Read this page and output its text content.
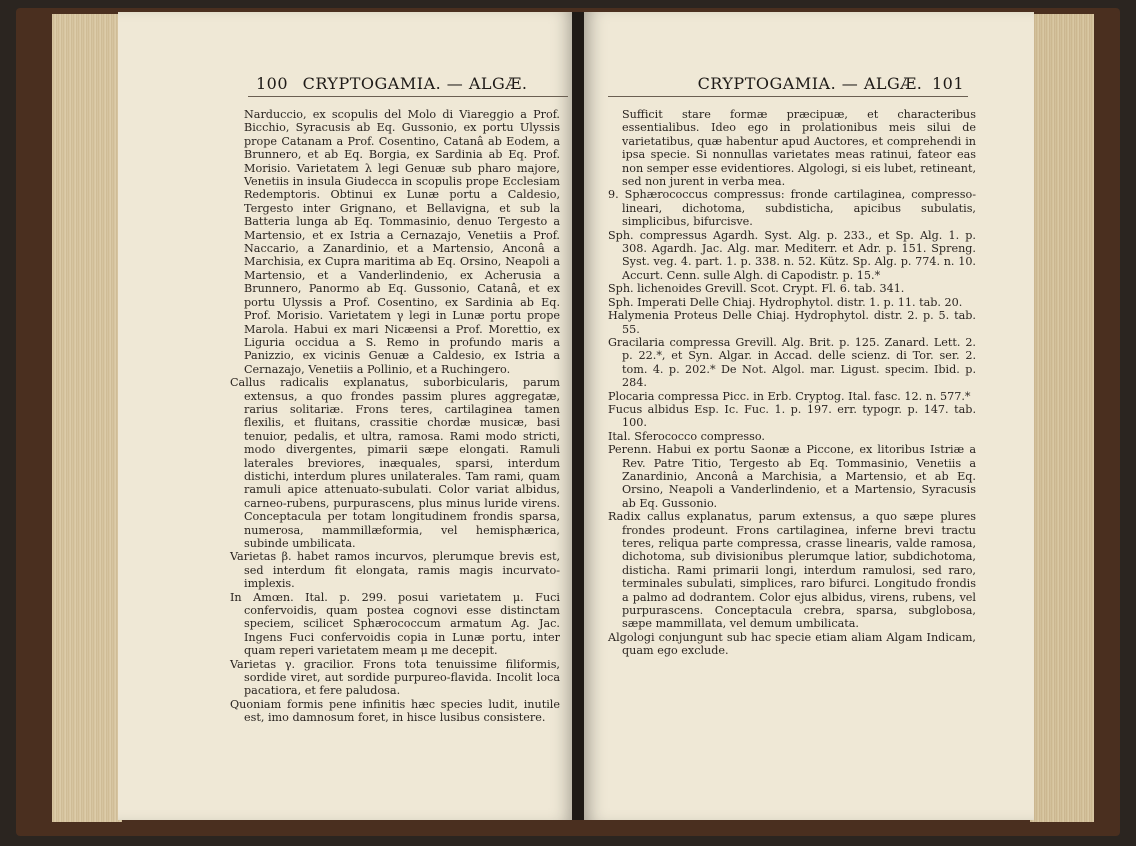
100 CRYPTOGAMIA. — ALGÆ.

Narduccio, ex scopulis del Molo di Viareggio a Prof. Bicchio, Syracusis ab Eq. Gussonio, ex portu Ulyssis prope Catanam a Prof. Cosentino, Catanâ ab Eodem, a Brunnero, et ab Eq. Borgia, ex Sardinia ab Eq. Prof. Morisio. Varietatem λ legi Genuæ sub pharo majore, Venetiis in insula Giudecca in scopulis prope Ecclesiam Redemptoris. Obtinui ex Lunæ portu a Caldesio, Tergesto inter Grignano, et Bellavigna, et sub la Batteria lunga ab Eq. Tommasinio, denuo Tergesto a Martensio, et ex Istria a Cernazajo, Venetiis a Prof. Naccario, a Zanardinio, et a Martensio, Anconâ a Marchisia, ex Cupra maritima ab Eq. Orsino, Neapoli a Martensio, et a Vanderlindenio, ex Acherusia a Brunnero, Panormo ab Eq. Gussonio, Catanâ, et ex portu Ulyssis a Prof. Cosentino, ex Sardinia ab Eq. Prof. Morisio. Varietatem γ legi in Lunæ portu prope Marola. Habui ex mari Nicæensi a Prof. Morettio, ex Liguria occidua a S. Remo in profundo maris a Panizzio, ex vicinis Genuæ a Caldesio, ex Istria a Cernazajo, Venetiis a Pollinio, et a Ruchingero.

Callus radicalis explanatus, suborbicularis, parum extensus, a quo frondes passim plures aggregatæ, rarius solitariæ. Frons teres, cartilaginea tamen flexilis, et fluitans, crassitie chordæ musicæ, basi tenuior, pedalis, et ultra, ramosa. Rami modo stricti, modo divergentes, pimarii sæpe elongati. Ramuli laterales breviores, inæquales, sparsi, interdum distichi, interdum plures unilaterales. Tam rami, quam ramuli apice attenuato-subulati. Color variat albidus, carneo-rubens, purpurascens, plus minus luride virens. Conceptacula per totam longitudinem frondis sparsa, numerosa, mammillæformia, vel hemisphærica, subinde umbilicata.

Varietas β. habet ramos incurvos, plerumque brevis est, sed interdum fit elongata, ramis magis incurvato-implexis.

In Amœn. Ital. p. 299. posui varietatem μ. Fuci confervoidis, quam postea cognovi esse distinctam speciem, scilicet Sphærococcum armatum Ag. Jac. Ingens Fuci confervoidis copia in Lunæ portu, inter quam reperi varietatem meam μ me decepit.

Varietas γ. gracilior. Frons tota tenuissime filiformis, sordide viret, aut sordide purpureo-flavida. Incolit loca pacatiora, et fere paludosa.

Quoniam formis pene infinitis hæc species ludit, inutile est, imo damnosum foret, in hisce lusibus consistere.

CRYPTOGAMIA. — ALGÆ. 101

Sufficit stare formæ præcipuæ, et characteribus essentialibus. Ideo ego in prolationibus meis silui de varietatibus, quæ habentur apud Auctores, et comprehendi in ipsa specie. Si nonnullas varietates meas ratinui, fateor eas non semper esse evidentiores. Algologi, si eis lubet, retineant, sed non jurent in verba mea.

9. Sphærococcus compressus: fronde cartilaginea, compresso-lineari, dichotoma, subdisticha, apicibus subulatis, simplicibus, bifurcisve.

Sph. compressus Agardh. Syst. Alg. p. 233., et Sp. Alg. 1. p. 308. Agardh. Jac. Alg. mar. Mediterr. et Adr. p. 151. Spreng. Syst. veg. 4. part. 1. p. 338. n. 52. Kütz. Sp. Alg. p. 774. n. 10. Accurt. Cenn. sulle Algh. di Capodistr. p. 15.*

Sph. lichenoides Grevill. Scot. Crypt. Fl. 6. tab. 341.

Sph. Imperati Delle Chiaj. Hydrophytol. distr. 1. p. 11. tab. 20.

Halymenia Proteus Delle Chiaj. Hydrophytol. distr. 2. p. 5. tab. 55.

Gracilaria compressa Grevill. Alg. Brit. p. 125. Zanard. Lett. 2. p. 22.*, et Syn. Algar. in Accad. delle scienz. di Tor. ser. 2. tom. 4. p. 202.* De Not. Algol. mar. Ligust. specim. Ibid. p. 284.

Plocaria compressa Picc. in Erb. Cryptog. Ital. fasc. 12. n. 577.*

Fucus albidus Esp. Ic. Fuc. 1. p. 197. err. typogr. p. 147. tab. 100.

Ital. Sferococco compresso.

Perenn. Habui ex portu Saonæ a Piccone, ex litoribus Istriæ a Rev. Patre Titio, Tergesto ab Eq. Tommasinio, Venetiis a Zanardinio, Anconâ a Marchisia, a Martensio, et ab Eq. Orsino, Neapoli a Vanderlindenio, et a Martensio, Syracusis ab Eq. Gussonio.

Radix callus explanatus, parum extensus, a quo sæpe plures frondes prodeunt. Frons cartilaginea, inferne brevi tractu teres, reliqua parte compressa, crasse linearis, valde ramosa, dichotoma, sub divisionibus plerumque latior, subdichotoma, disticha. Rami primarii longi, interdum ramulosi, sed raro, terminales subulati, simplices, raro bifurci. Longitudo frondis a palmo ad dodrantem. Color ejus albidus, virens, rubens, vel purpurascens. Conceptacula crebra, sparsa, subglobosa, sæpe mammillata, vel demum umbilicata.

Algologi conjungunt sub hac specie etiam aliam Algam Indicam, quam ego exclude.
